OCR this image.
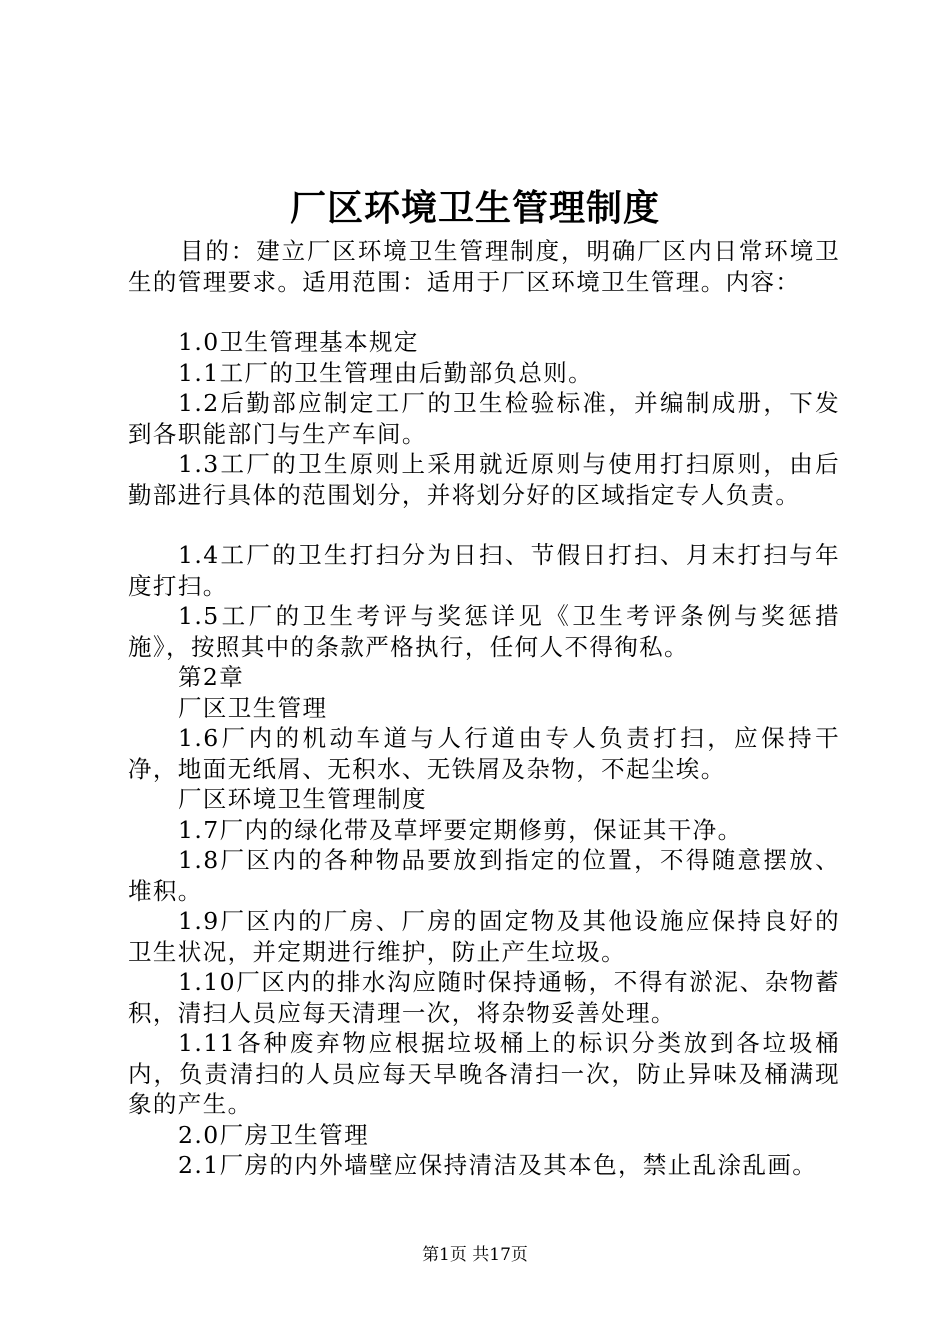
厂区环境卫生管理制度

目的：建立厂区环境卫生管理制度，明确厂区内日常环境卫生的管理要求。适用范围：适用于厂区环境卫生管理。内容：

1.0卫生管理基本规定

1.1工厂的卫生管理由后勤部负总则。

1.2后勤部应制定工厂的卫生检验标准，并编制成册，下发到各职能部门与生产车间。

1.3工厂的卫生原则上采用就近原则与使用打扫原则，由后勤部进行具体的范围划分，并将划分好的区域指定专人负责。

1.4工厂的卫生打扫分为日扫、节假日打扫、月末打扫与年度打扫。

1.5工厂的卫生考评与奖惩详见《卫生考评条例与奖惩措施》，按照其中的条款严格执行，任何人不得徇私。

第2章

厂区卫生管理

1.6厂内的机动车道与人行道由专人负责打扫，应保持干净，地面无纸屑、无积水、无铁屑及杂物，不起尘埃。

厂区环境卫生管理制度

1.7厂内的绿化带及草坪要定期修剪，保证其干净。

1.8厂区内的各种物品要放到指定的位置，不得随意摆放、堆积。

1.9厂区内的厂房、厂房的固定物及其他设施应保持良好的卫生状况，并定期进行维护，防止产生垃圾。

1.10厂区内的排水沟应随时保持通畅，不得有淤泥、杂物蓄积，清扫人员应每天清理一次，将杂物妥善处理。

1.11各种废弃物应根据垃圾桶上的标识分类放到各垃圾桶内，负责清扫的人员应每天早晚各清扫一次，防止异味及桶满现象的产生。

2.0厂房卫生管理

2.1厂房的内外墙壁应保持清洁及其本色，禁止乱涂乱画。

第1页 共17页
